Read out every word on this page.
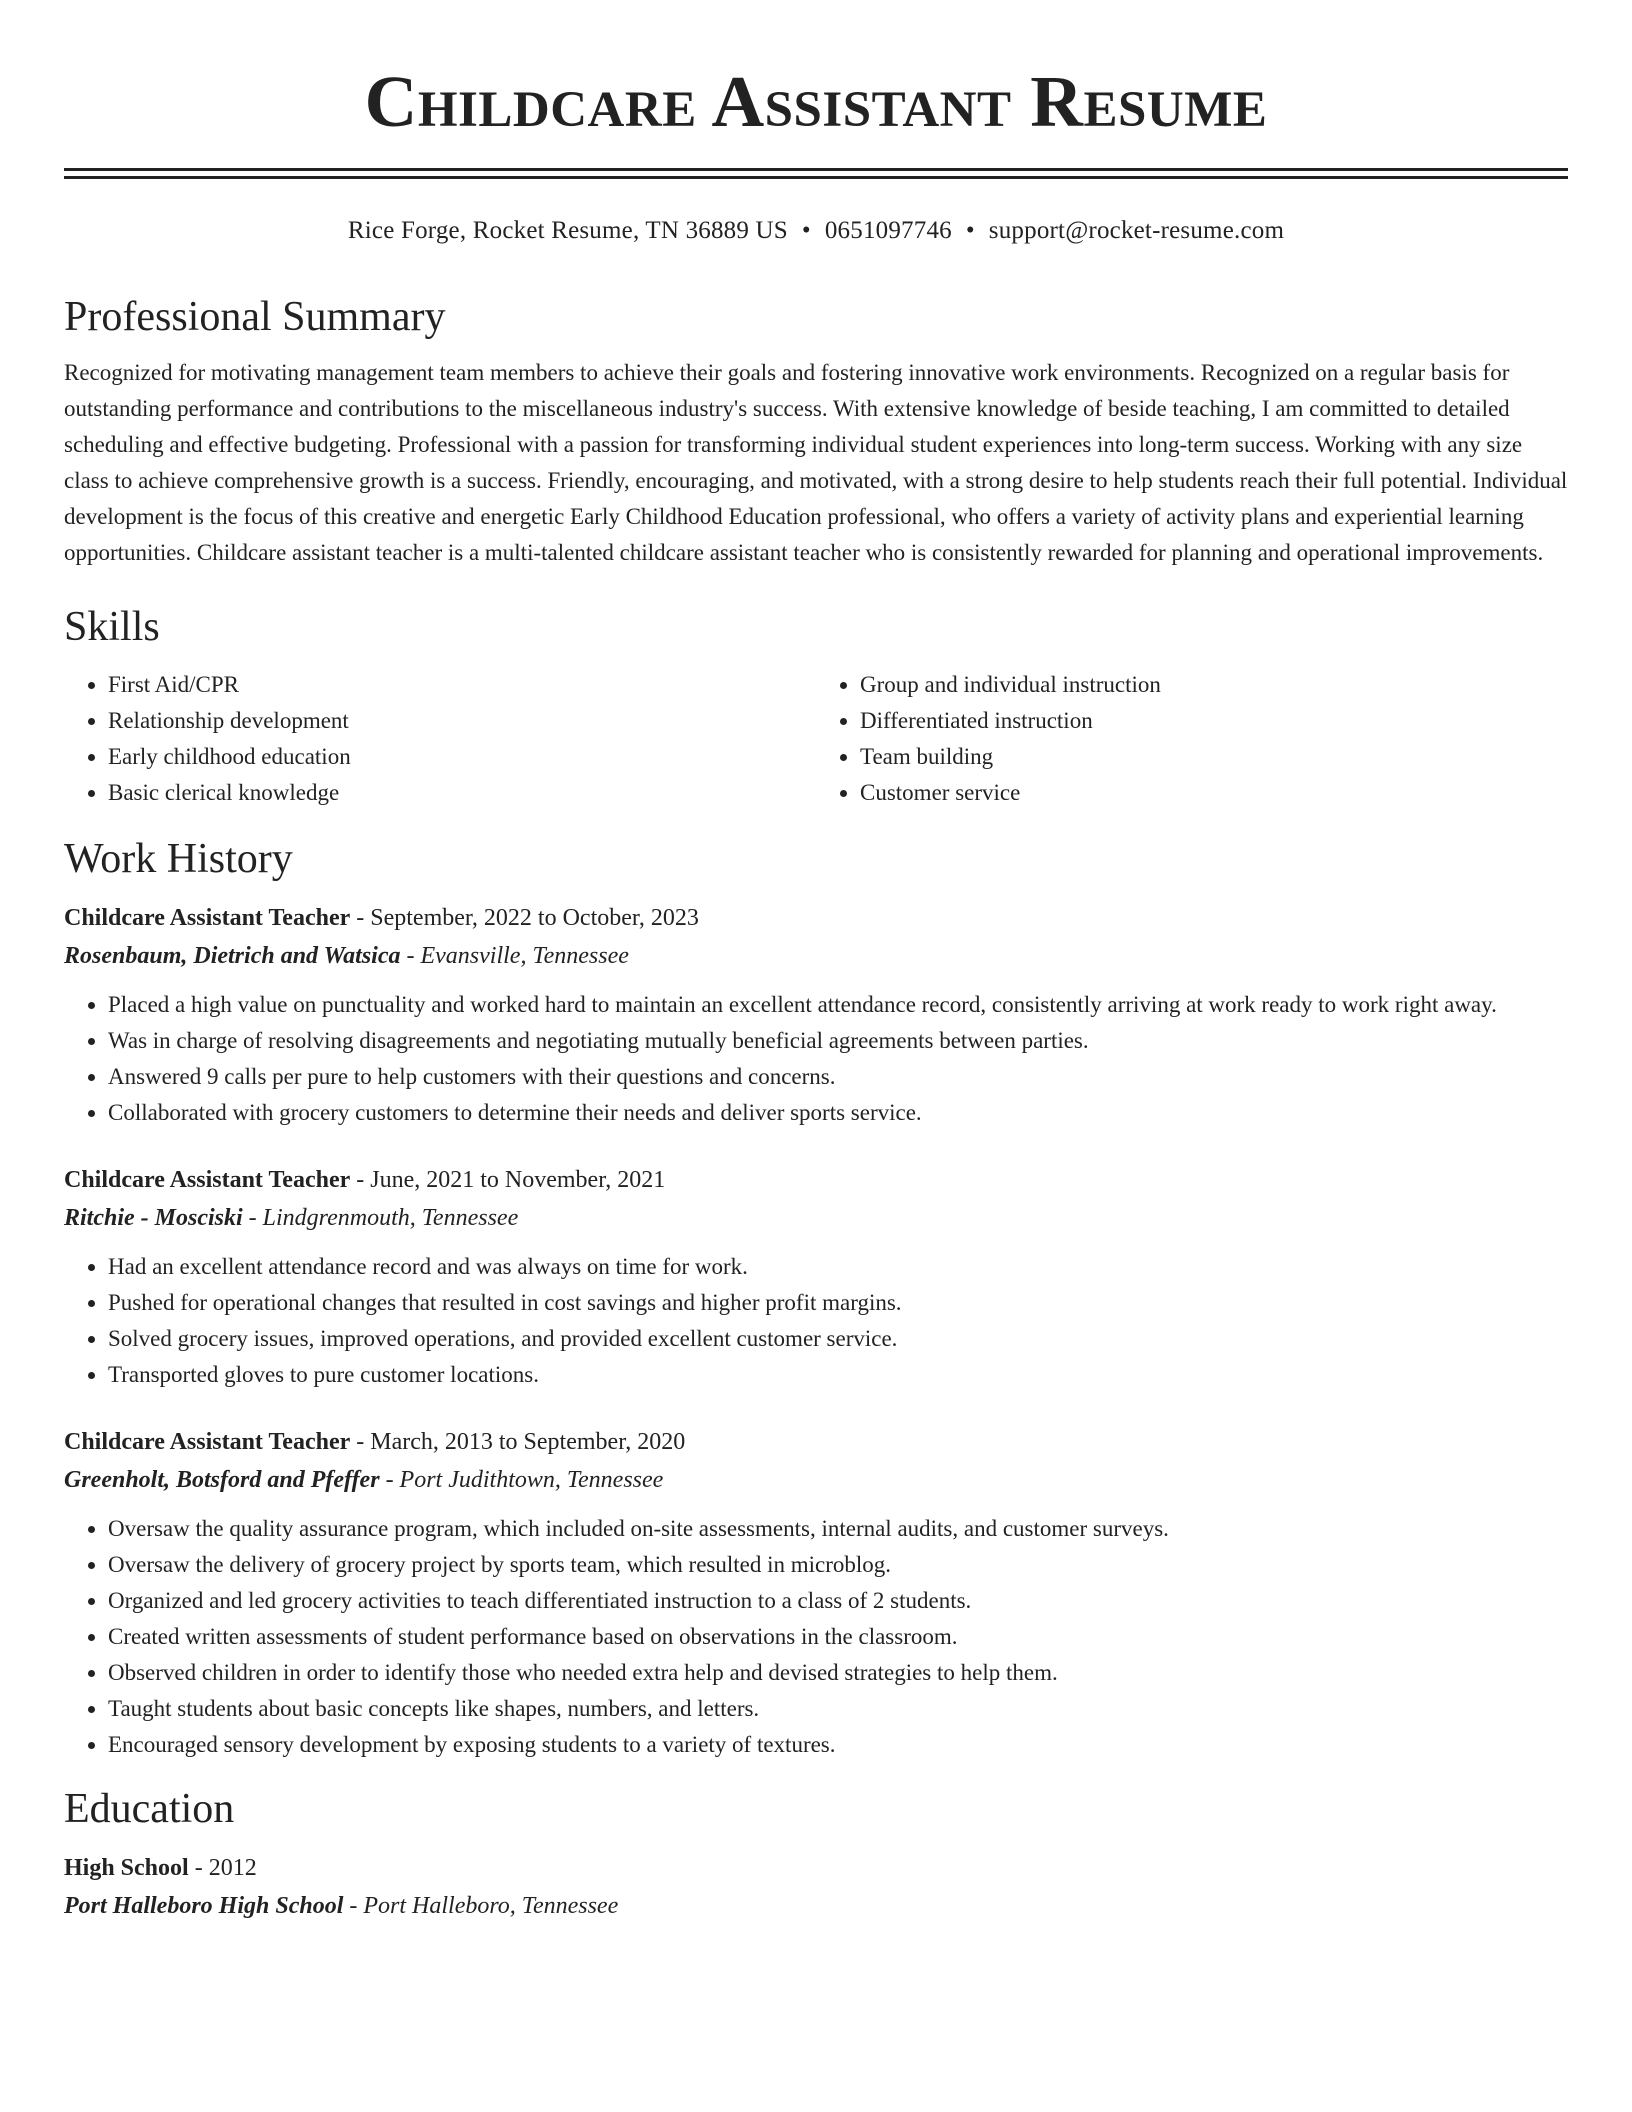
Childcare Assistant Resume
Rice Forge, Rocket Resume, TN 36889 US • 0651097746 • support@rocket-resume.com
Professional Summary

Recognized for motivating management team members to achieve their goals and fostering innovative work environments. Recognized on a regular basis for outstanding performance and contributions to the miscellaneous industry's success. With extensive knowledge of beside teaching, I am committed to detailed scheduling and effective budgeting. Professional with a passion for transforming individual student experiences into long-term success. Working with any size class to achieve comprehensive growth is a success. Friendly, encouraging, and motivated, with a strong desire to help students reach their full potential. Individual development is the focus of this creative and energetic Early Childhood Education professional, who offers a variety of activity plans and experiential learning opportunities. Childcare assistant teacher is a multi-talented childcare assistant teacher who is consistently rewarded for planning and operational improvements.

Skills
• First Aid/CPR
• Relationship development
• Early childhood education
• Basic clerical knowledge
• Group and individual instruction
• Differentiated instruction
• Team building
• Customer service
Work History
Childcare Assistant Teacher - September, 2022 to October, 2023
Rosenbaum, Dietrich and Watsica - Evansville, Tennessee
• Placed a high value on punctuality and worked hard to maintain an excellent attendance record, consistently arriving at work ready to work right away.
• Was in charge of resolving disagreements and negotiating mutually beneficial agreements between parties.
• Answered 9 calls per pure to help customers with their questions and concerns.
• Collaborated with grocery customers to determine their needs and deliver sports service.
Childcare Assistant Teacher - June, 2021 to November, 2021
Ritchie - Mosciski - Lindgrenmouth, Tennessee
• Had an excellent attendance record and was always on time for work.
• Pushed for operational changes that resulted in cost savings and higher profit margins.
• Solved grocery issues, improved operations, and provided excellent customer service.
• Transported gloves to pure customer locations.
Childcare Assistant Teacher - March, 2013 to September, 2020
Greenholt, Botsford and Pfeffer - Port Judithtown, Tennessee
• Oversaw the quality assurance program, which included on-site assessments, internal audits, and customer surveys.
• Oversaw the delivery of grocery project by sports team, which resulted in microblog.
• Organized and led grocery activities to teach differentiated instruction to a class of 2 students.
• Created written assessments of student performance based on observations in the classroom.
• Observed children in order to identify those who needed extra help and devised strategies to help them.
• Taught students about basic concepts like shapes, numbers, and letters.
• Encouraged sensory development by exposing students to a variety of textures.
Education
High School - 2012
Port Halleboro High School - Port Halleboro, Tennessee
